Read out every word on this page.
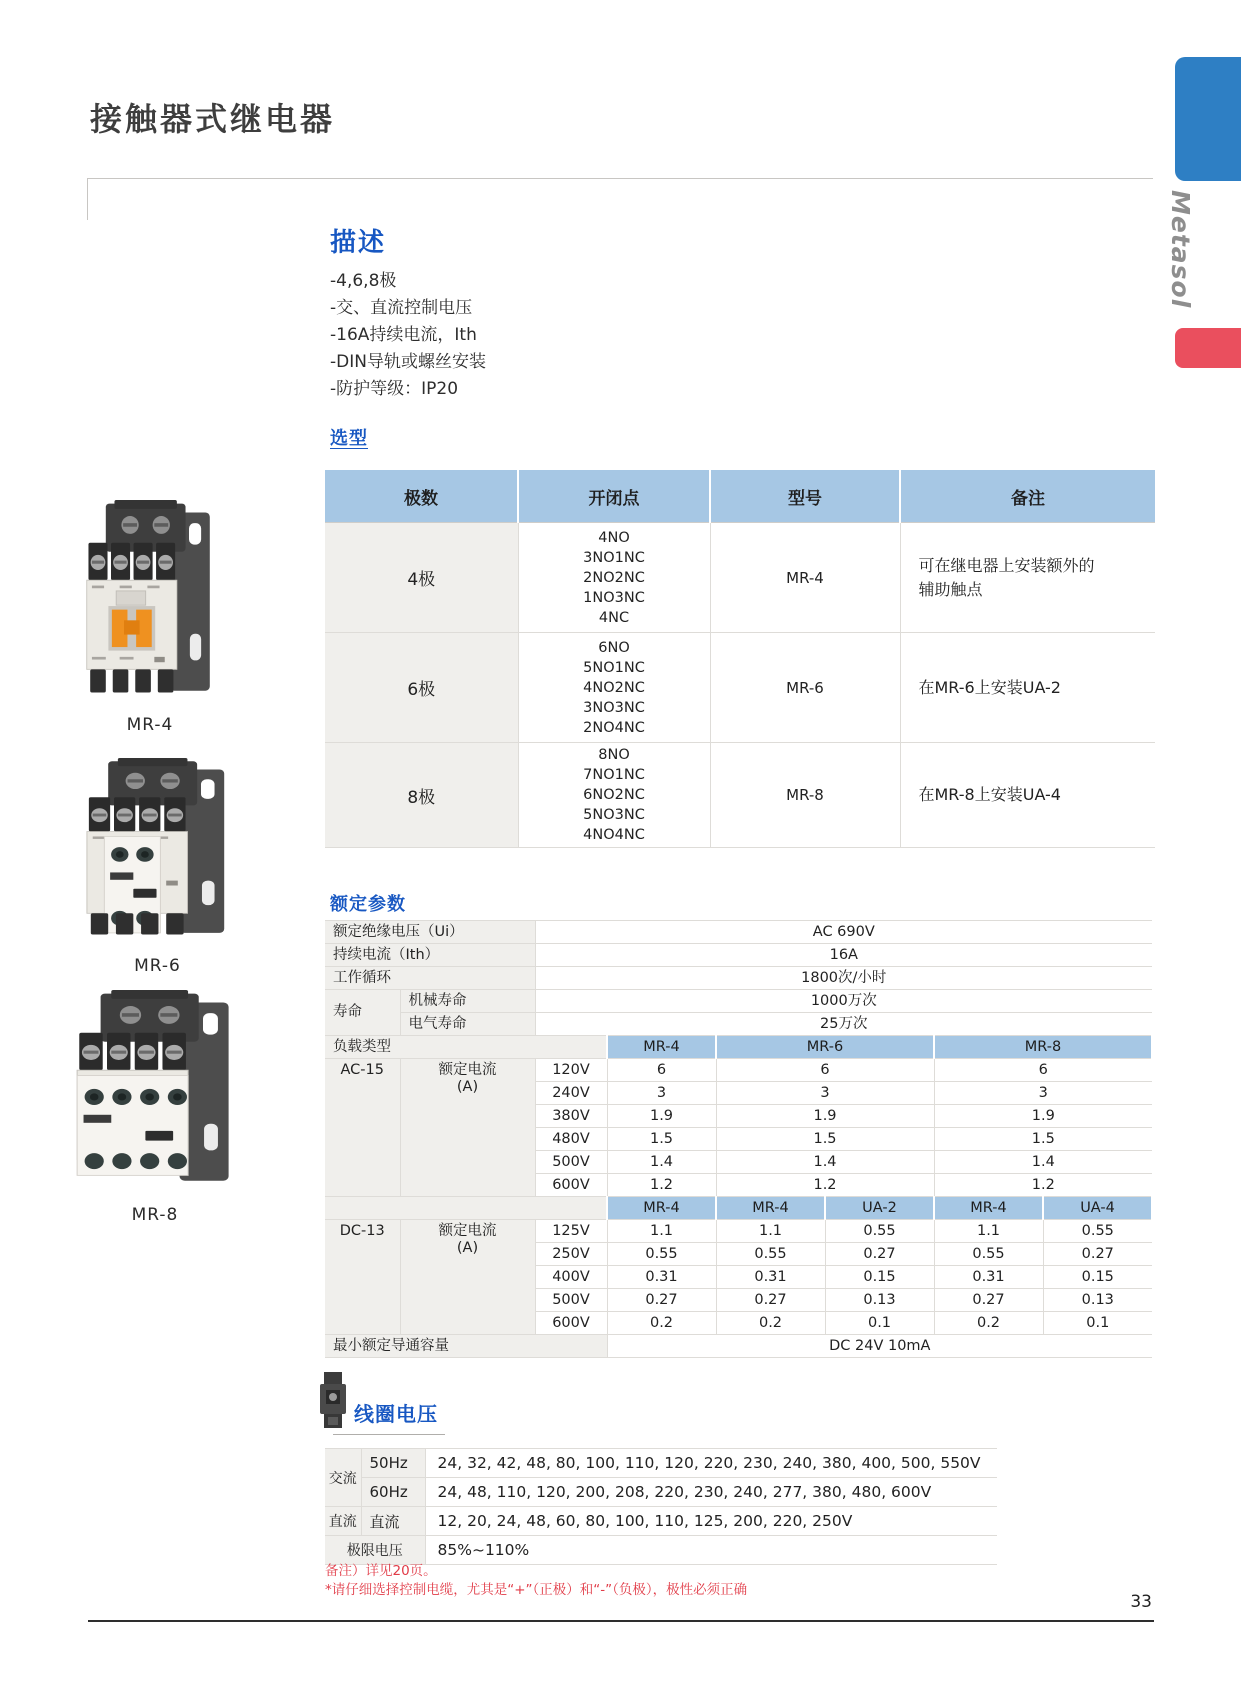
接触器式继电器
Metasol
描述
-4,6,8极
-交、直流控制电压
-16A持续电流，Ith
-DIN导轨或螺丝安装
-防护等级：IP20
MR-4
MR-6
MR-8
选型
极数	开闭点	型号	备注
4极	4NO
3NO1NC
2NO2NC
1NO3NC
4NC	MR-4	可在继电器上安装额外的辅助触点
6极	6NO
5NO1NC
4NO2NC
3NO3NC
2NO4NC	MR-6	在MR-6上安装UA-2
8极	8NO
7NO1NC
6NO2NC
5NO3NC
4NO4NC	MR-8	在MR-8上安装UA-4
额定参数
额定绝缘电压（Ui）		AC 690V					
持续电流（Ith）		16A					
工作循环		1800次/小时					
寿命	机械寿命	1000万次					
	电气寿命	25万次					
负载类型			MR-4	MR-6		MR-8	
AC-15	额定电流
(A)	120V	6	6		6	
		240V	3	3		3	
		380V	1.9	1.9		1.9	
		480V	1.5	1.5		1.5	
		500V	1.4	1.4		1.4	
		600V	1.2	1.2		1.2	
			MR-4	MR-4	UA-2	MR-4	UA-4
DC-13	额定电流
(A)	125V	1.1	1.1	0.55	1.1	0.55
		250V	0.55	0.55	0.27	0.55	0.27
		400V	0.31	0.31	0.15	0.31	0.15
		500V	0.27	0.27	0.13	0.27	0.13
		600V	0.2	0.2	0.1	0.2	0.1
最小额定导通容量			DC 24V 10mA				
线圈电压
交流	50Hz	24, 32, 42, 48, 80, 100, 110, 120, 220, 230, 240, 380, 400, 500, 550V
	60Hz	24, 48, 110, 120, 200, 208, 220, 230, 240, 277, 380, 480, 600V
直流	直流	12, 20, 24, 48, 60, 80, 100, 110, 125, 200, 220, 250V
极限电压		85%~110%
备注）详见20页。
*请仔细选择控制电缆，尤其是“+”（正极）和“-”（负极），极性必须正确
33
